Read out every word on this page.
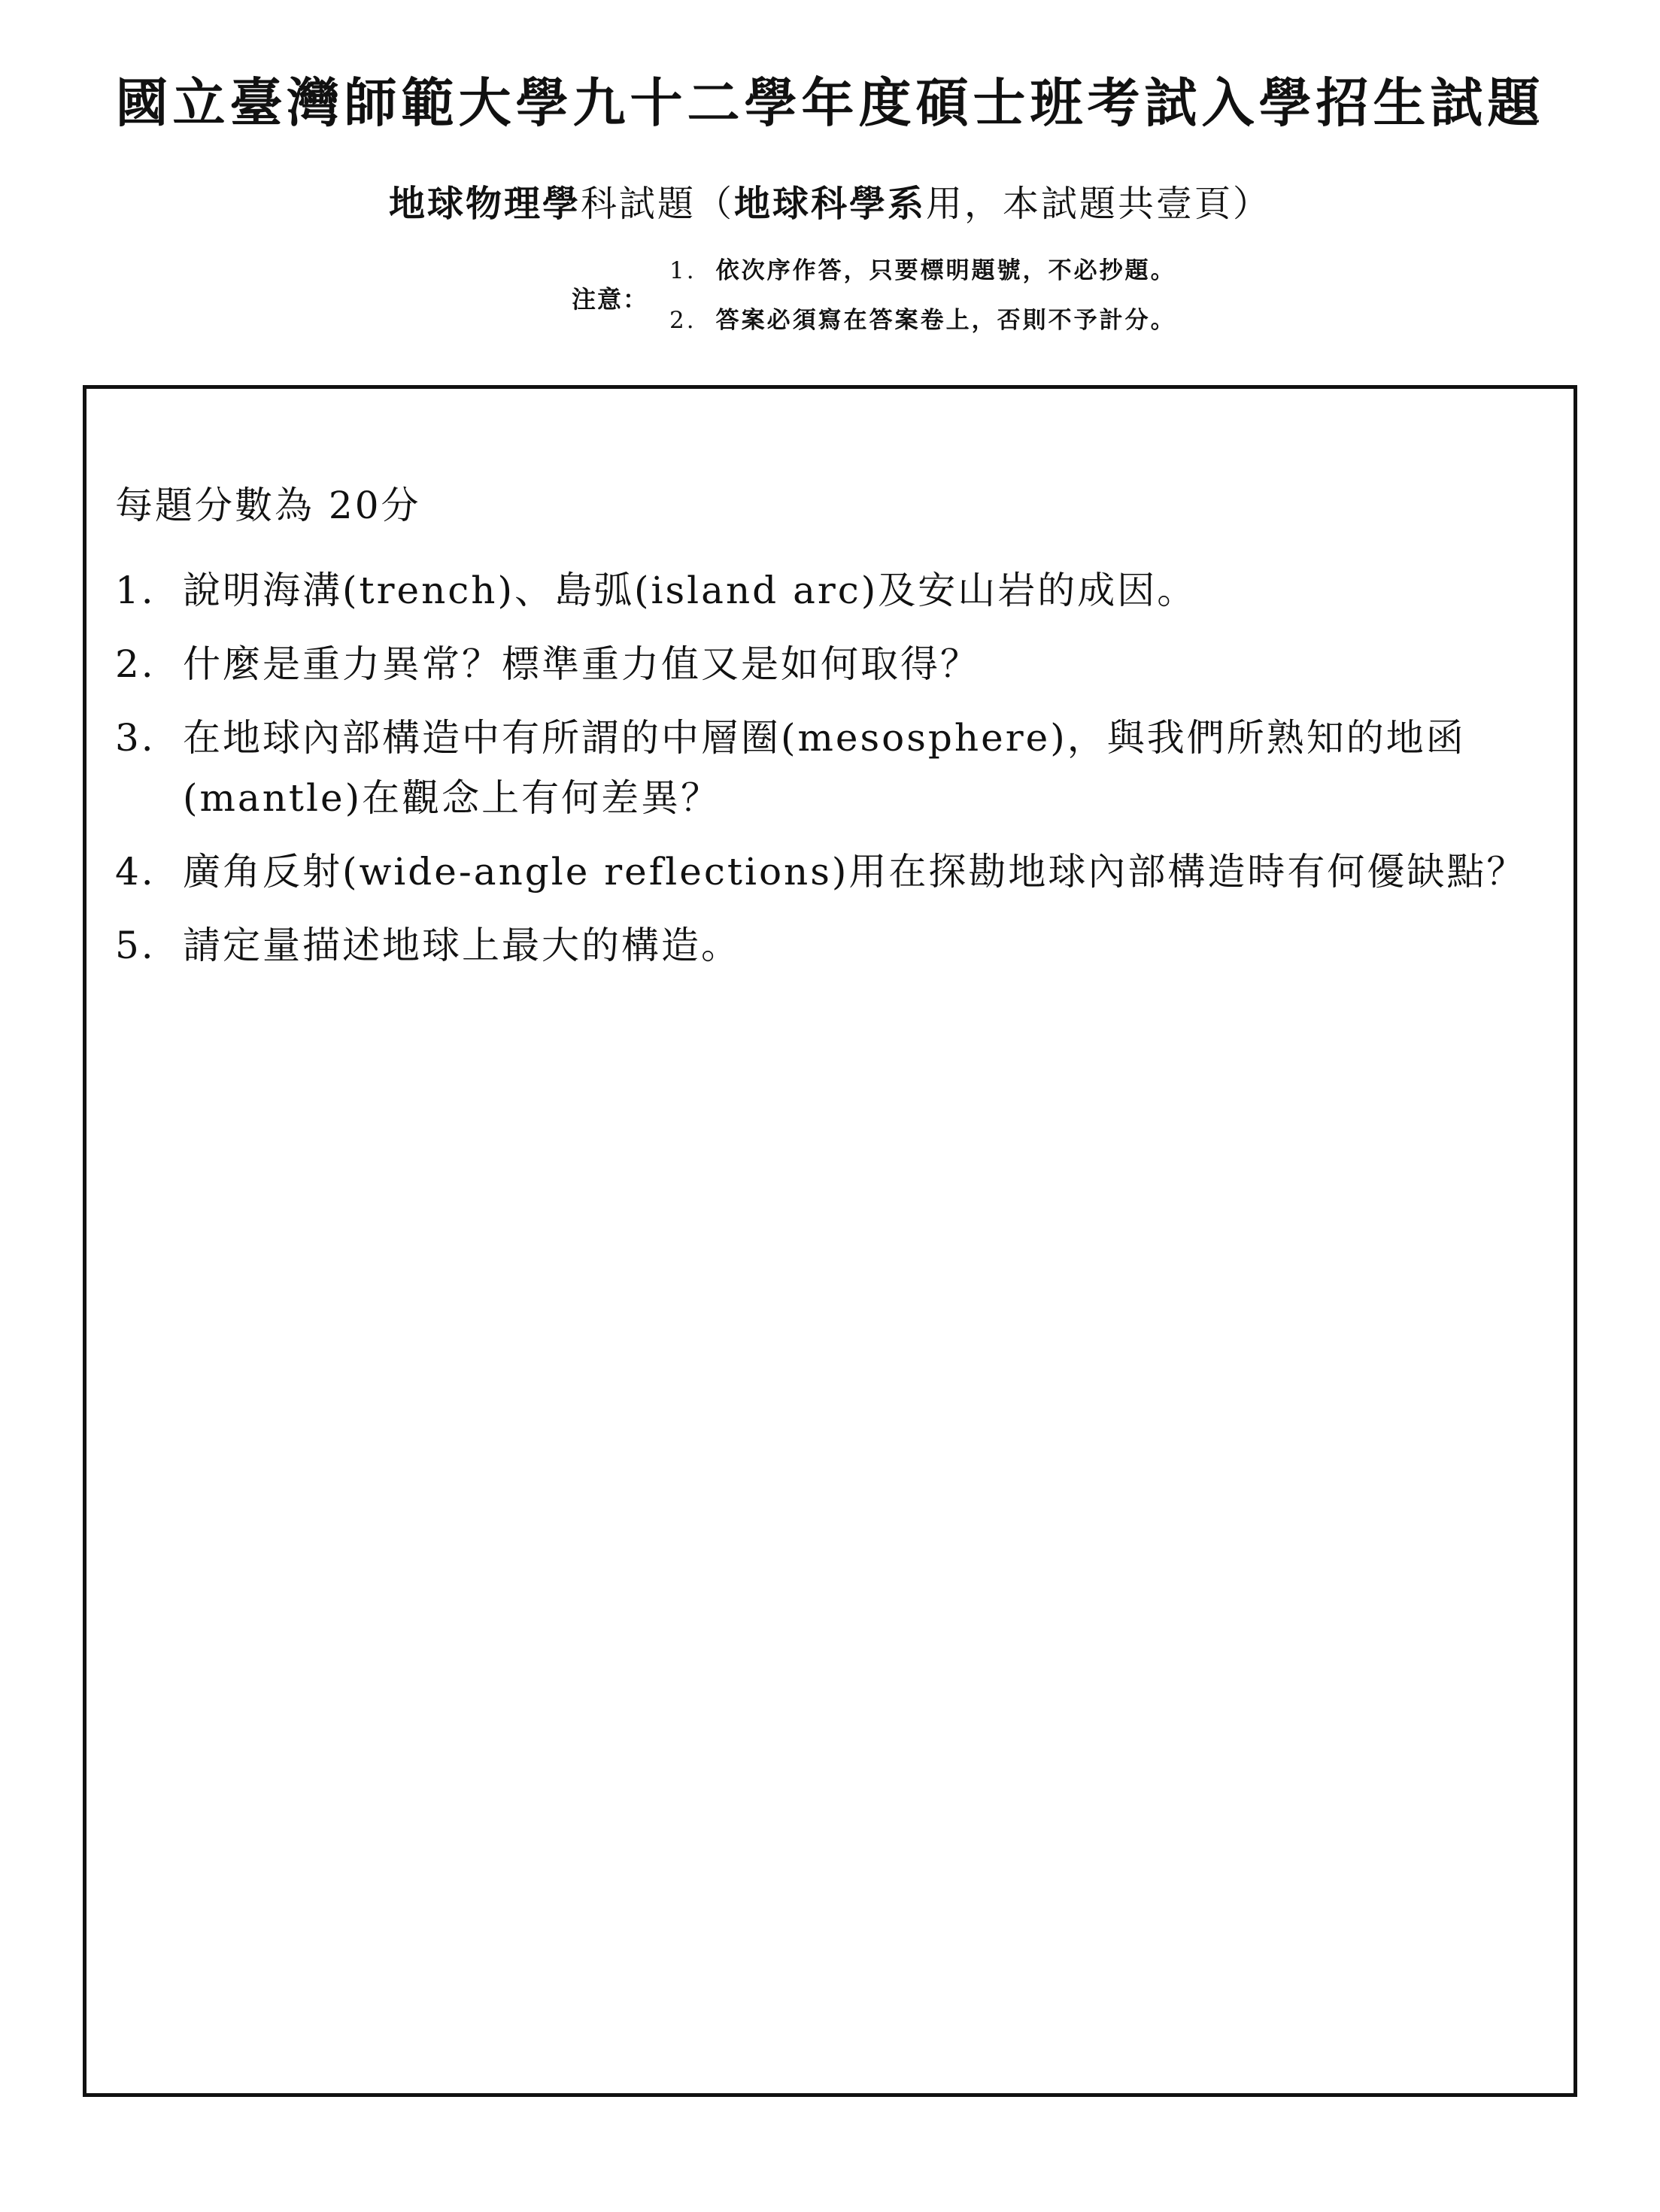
國立臺灣師範大學九十二學年度碩士班考試入學招生試題
地球物理學科試題（地球科學系用，本試題共壹頁）
注意：
1. 依次序作答，只要標明題號，不必抄題。
2. 答案必須寫在答案卷上，否則不予計分。
每題分數為 20分
1. 說明海溝(trench)、島弧(island arc)及安山岩的成因。
2. 什麼是重力異常？標準重力值又是如何取得？
3. 在地球內部構造中有所謂的中層圈(mesosphere)，與我們所熟知的地函(mantle)在觀念上有何差異？
4. 廣角反射(wide-angle reflections)用在探勘地球內部構造時有何優缺點？
5. 請定量描述地球上最大的構造。
